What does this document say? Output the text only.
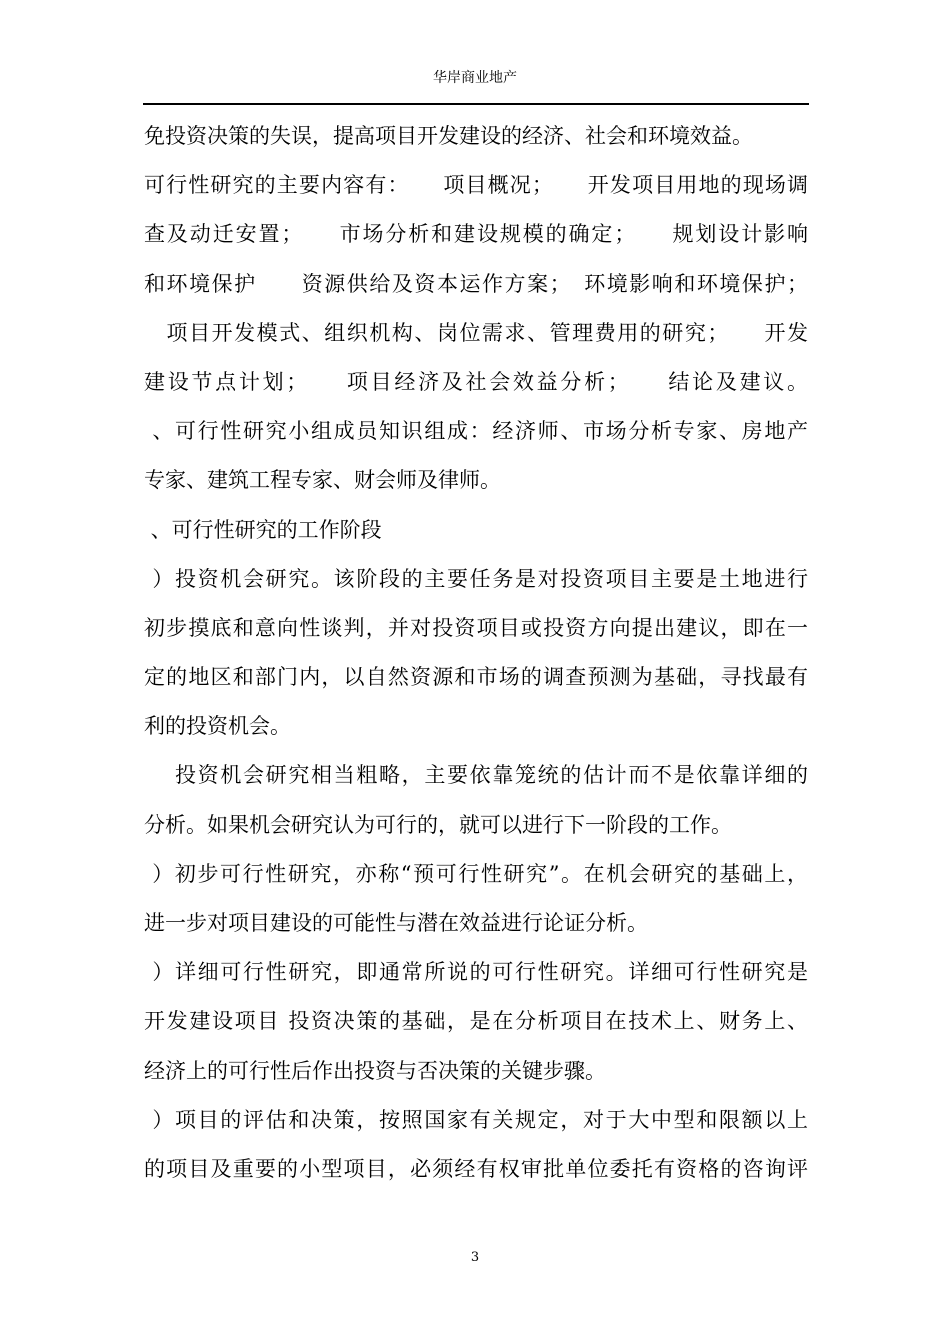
华岸商业地产
免投资决策的失误，提高项目开发建设的经济、社会和环境效益。
可行性研究的主要内容有：　　项目概况；　　开发项目用地的现场调
查及动迁安置；　　市场分析和建设规模的确定；　　规划设计影响
和环境保护　　资源供给及资本运作方案；　环境影响和环境保护；
　项目开发模式、组织机构、岗位需求、管理费用的研究；　　开发
建设节点计划；　　项目经济及社会效益分析；　　结论及建议。
、可行性研究小组成员知识组成：经济师、市场分析专家、房地产
专家、建筑工程专家、财会师及律师。
、可行性研究的工作阶段
）投资机会研究。该阶段的主要任务是对投资项目主要是土地进行
初步摸底和意向性谈判，并对投资项目或投资方向提出建议，即在一
定的地区和部门内，以自然资源和市场的调查预测为基础，寻找最有
利的投资机会。
　 投资机会研究相当粗略，主要依靠笼统的估计而不是依靠详细的
分析。如果机会研究认为可行的，就可以进行下一阶段的工作。
）初步可行性研究，亦称“预可行性研究”。在机会研究的基础上，
进一步对项目建设的可能性与潜在效益进行论证分析。
）详细可行性研究，即通常所说的可行性研究。详细可行性研究是
开发建设项目 投资决策的基础，是在分析项目在技术上、财务上、
经济上的可行性后作出投资与否决策的关键步骤。
）项目的评估和决策，按照国家有关规定，对于大中型和限额以上
的项目及重要的小型项目，必须经有权审批单位委托有资格的咨询评
3
